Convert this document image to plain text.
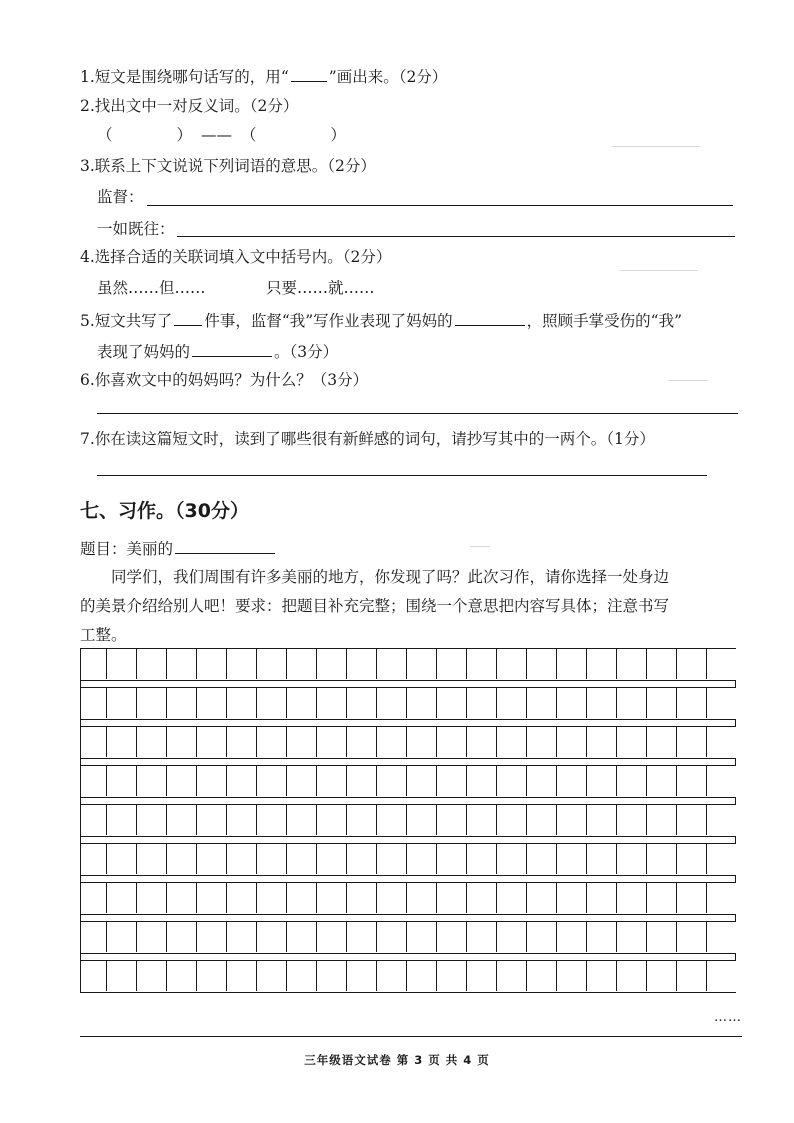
1.短文是围绕哪句话写的，用“	”画出来。（2分）
2.找出文中一对反义词。（2分）
（	） —— （	）
3.联系上下文说说下列词语的意思。（2分）
监督：
一如既往：
4.选择合适的关联词填入文中括号内。（2分）
虽然……但……	只要……就……
5.短文共写了 件事，监督“我”写作业表现了妈妈的	，照顾手掌受伤的“我”
表现了妈妈的	。（3分）
6.你喜欢文中的妈妈吗？为什么？（3分）
7.你在读这篇短文时，读到了哪些很有新鲜感的词句，请抄写其中的一两个。（1分）
七、习作。（30分）
题目：美丽的
同学们，我们周围有许多美丽的地方，你发现了吗？此次习作，请你选择一处身边
的美景介绍给别人吧！要求：把题目补充完整；围绕一个意思把内容写具体；注意书写
工整。
……
三年级语文试卷 第 3 页 共 4 页
